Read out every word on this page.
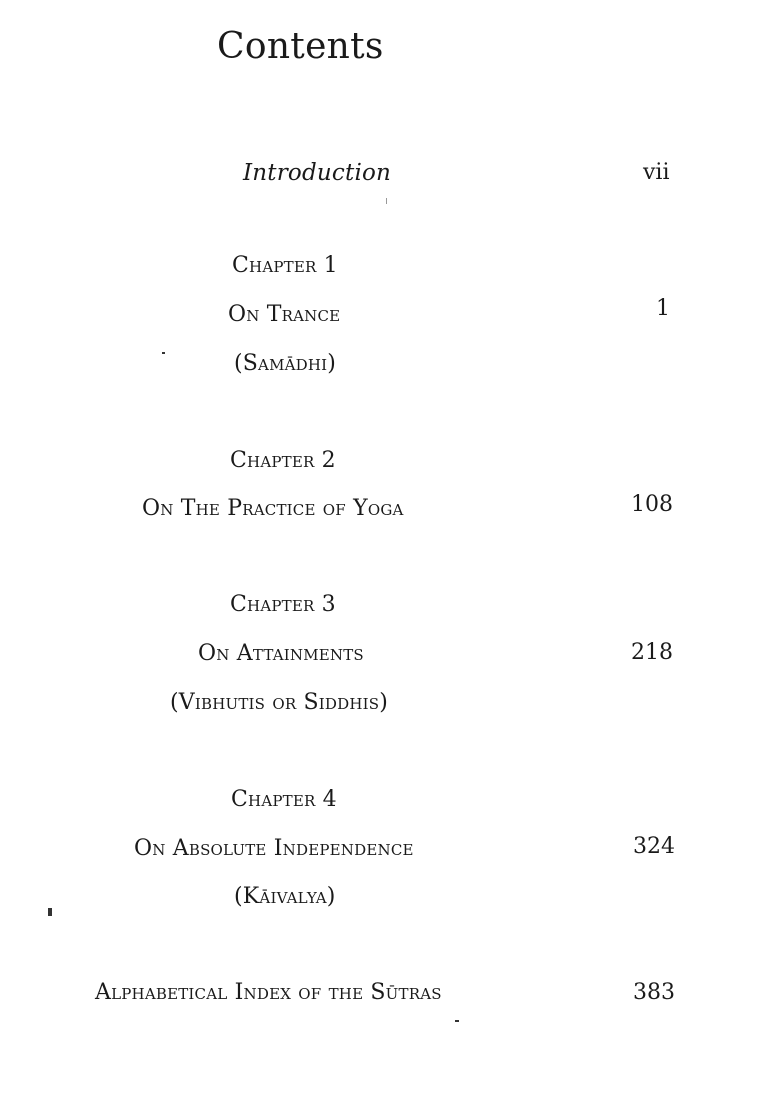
Contents
Introduction	vii
Chapter 1
On Trance	1
(Samādhi)
Chapter 2
On The Practice of Yoga	108
Chapter 3
On Attainments	218
(Vibhutis or Siddhis)
Chapter 4
On Absolute Independence	324
(Kāivalya)
Alphabetical Index of the Sūtras	383
